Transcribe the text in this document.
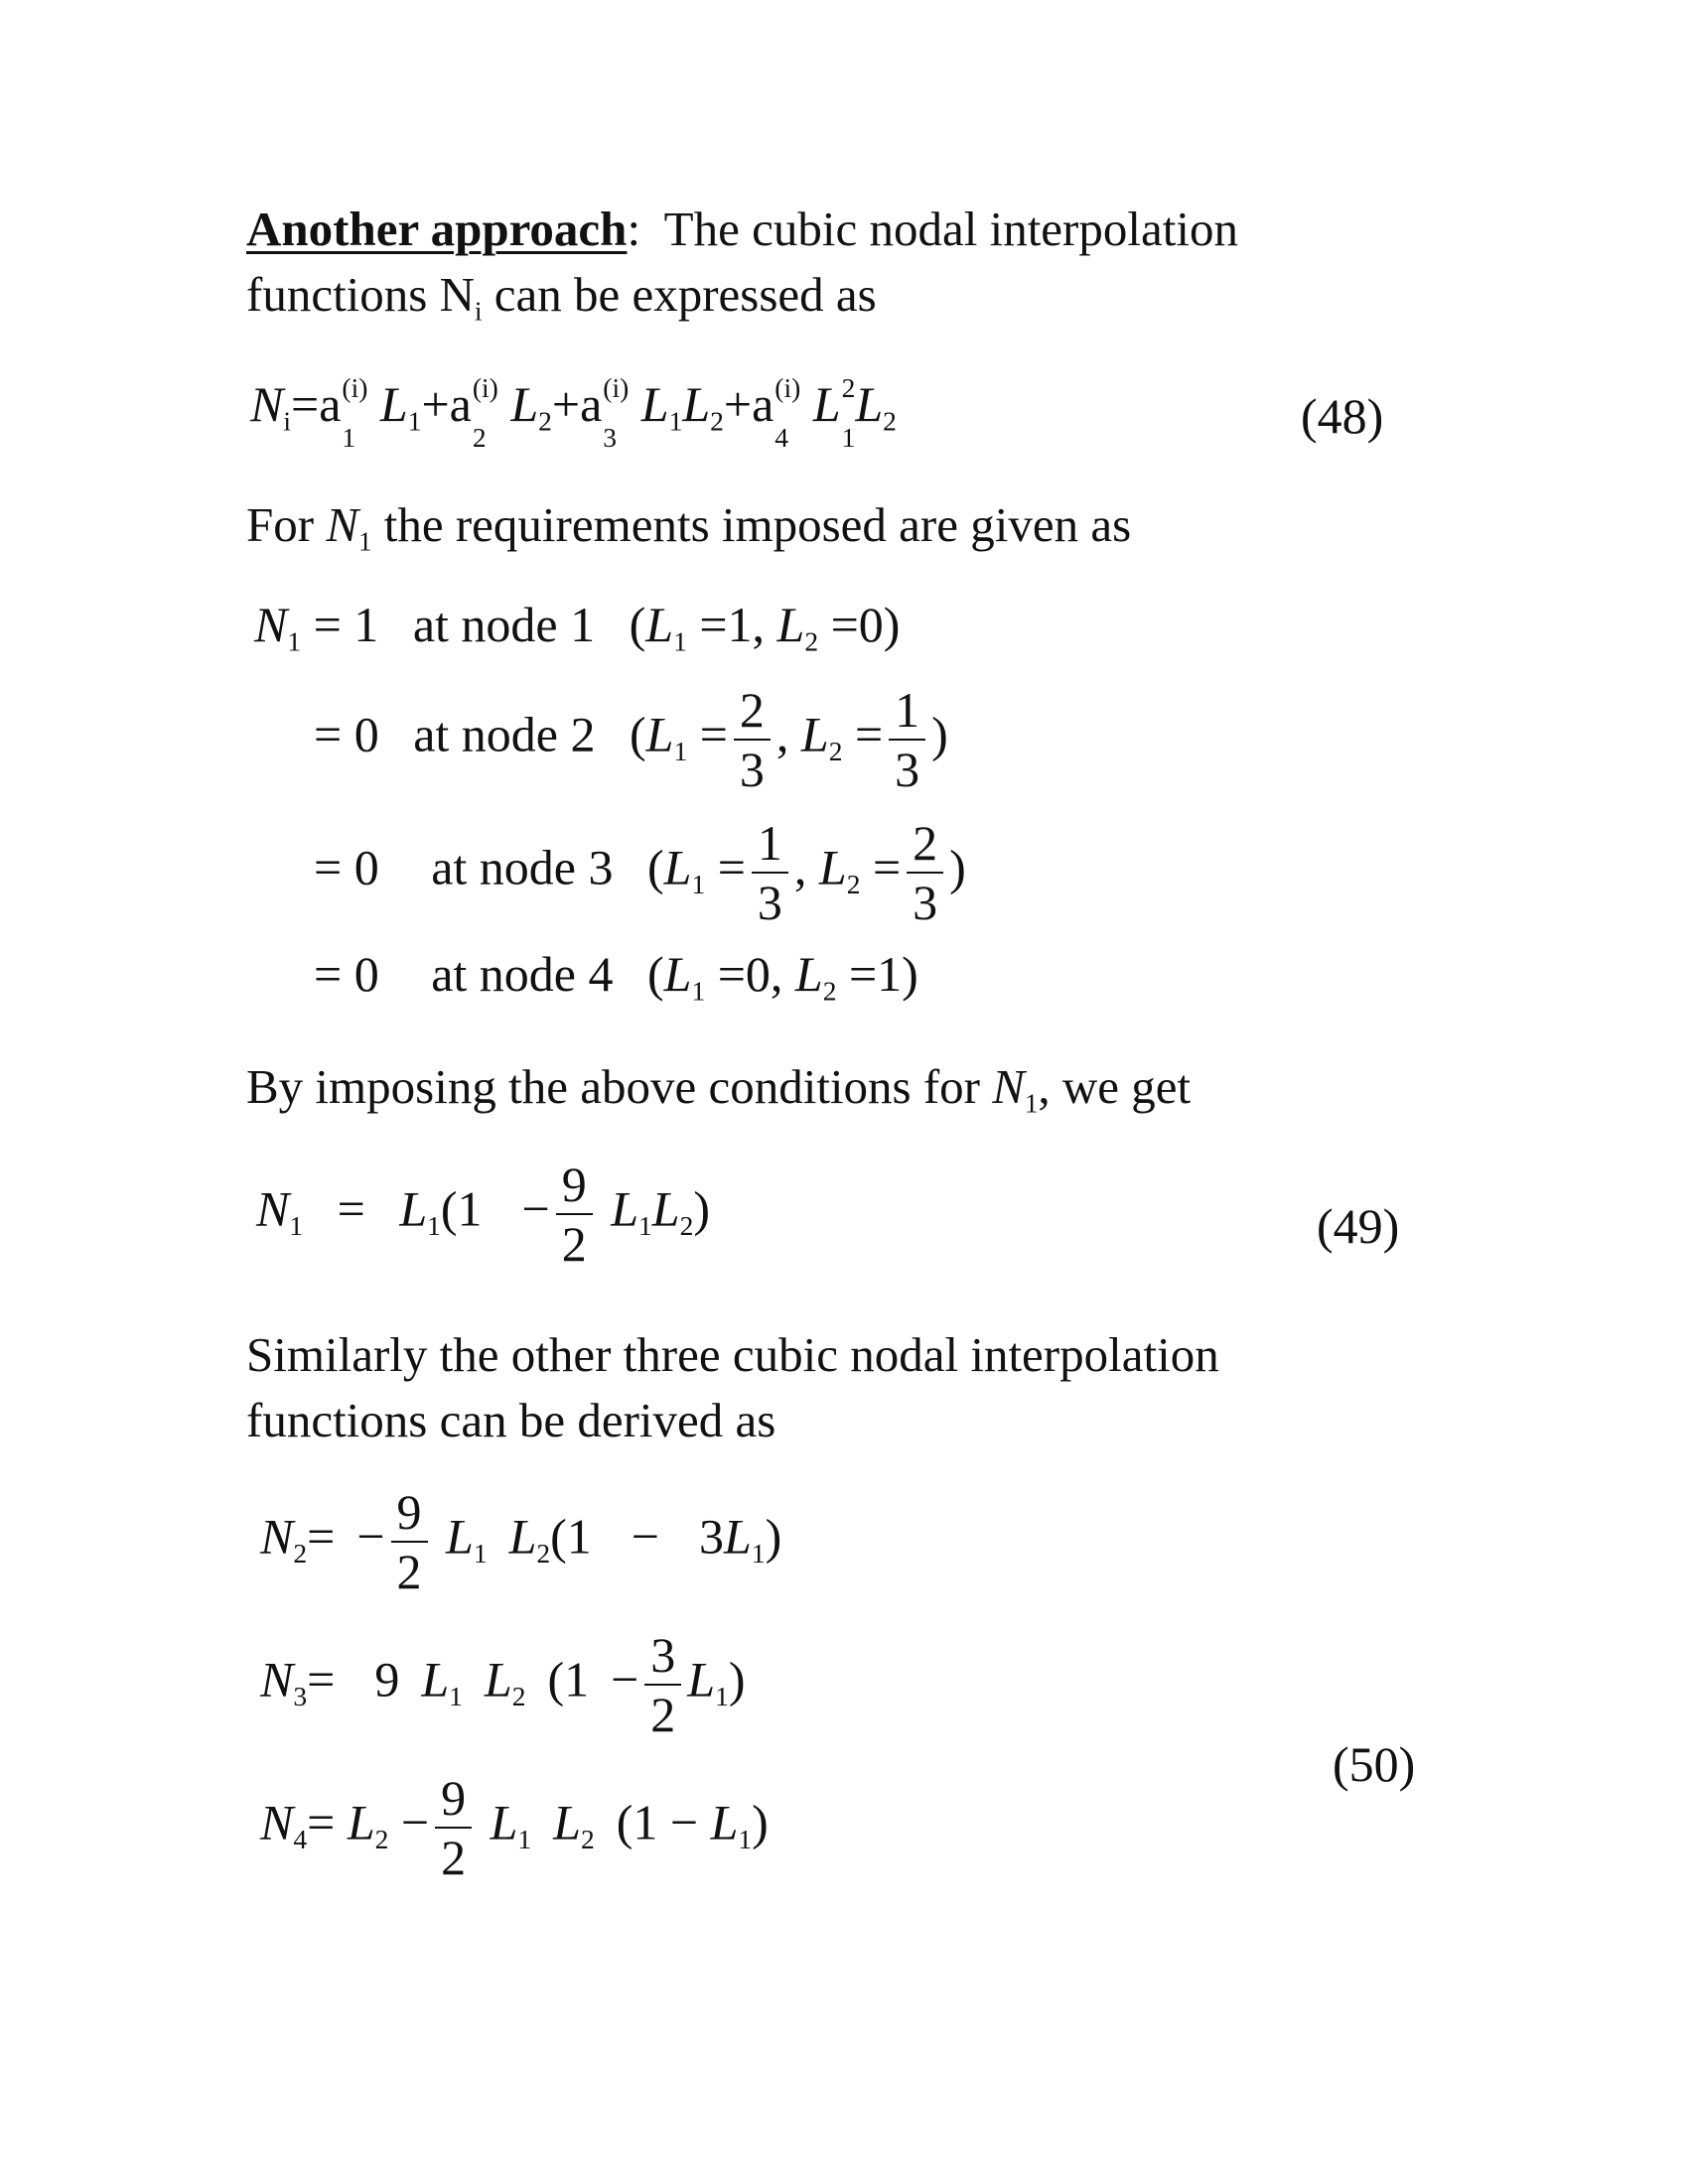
Another approach:  The cubic nodal interpolation
functions $N_i$ can be expressed as
$N_i=a$ (i)
1
$L_1+a$ (i)
2
$L_2+a$ (i)
3
$L_1L_2+a$ (i)
4
L 2
1
$L_2$	(48)
For $N_1$ the requirements imposed are given as
$N_1 = 1$ at node 1 ($L_1 =1$, $L_2 =0$)
= 0 at node 2 ($L_1 = \frac{2}{3}$ , $L_2 = \frac{1}{3}$ )
= 0 at node 3 ($L_1 = \frac{1}{3}$ , $L_2 = \frac{2}{3}$ )
= 0 at node 4 ($L_1 =0$, $L_2 =1$)
By imposing the above conditions for $N_1$, we get
$N_1 = L_1(1 - \frac{9}{2} L_1L_2)$	(49)
Similarly the other three cubic nodal interpolation
functions can be derived as
$N_2= - \frac{9}{2} L_1$ $L_2(1 - 3L_1)$
$N_3= 9$ $L_1$ $L_2$ $(1 - \frac{3}{2} L_1)$
$N_4= L_2 - \frac{9}{2} L_1$ $L_2$ $(1 - L_1)$
(50)
